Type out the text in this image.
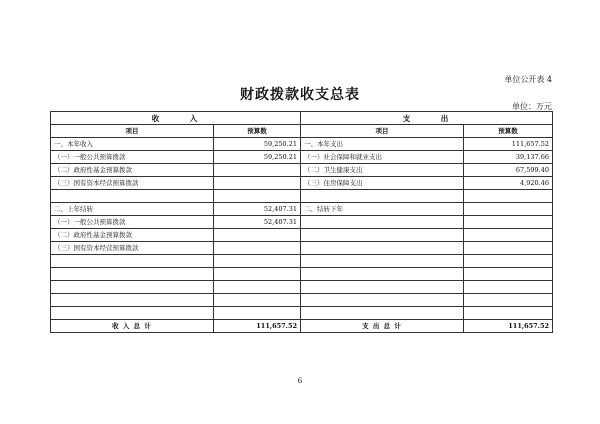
单位公开表 4
财政拨款收支总表
单位：万元
收　　　入		支　　　出	
项目	预算数	项目	预算数
一、本年收入	59,250.21	一、本年支出	111,657.52
（一）一般公共预算拨款	59,250.21	（一）社会保障和就业支出	39,137.66
（二）政府性基金预算拨款		（二）卫生健康支出	67,599.40
（三）国有资本经营预算拨款		（三）住房保障支出	4,920.46

二、上年结转	52,407.31	二、结转下年	
（一）一般公共预算拨款	52,407.31		
（二）政府性基金预算拨款			
（三）国有资本经营预算拨款			

收 入 总 计	111,657.52	支 出 总 计	111,657.52
6
